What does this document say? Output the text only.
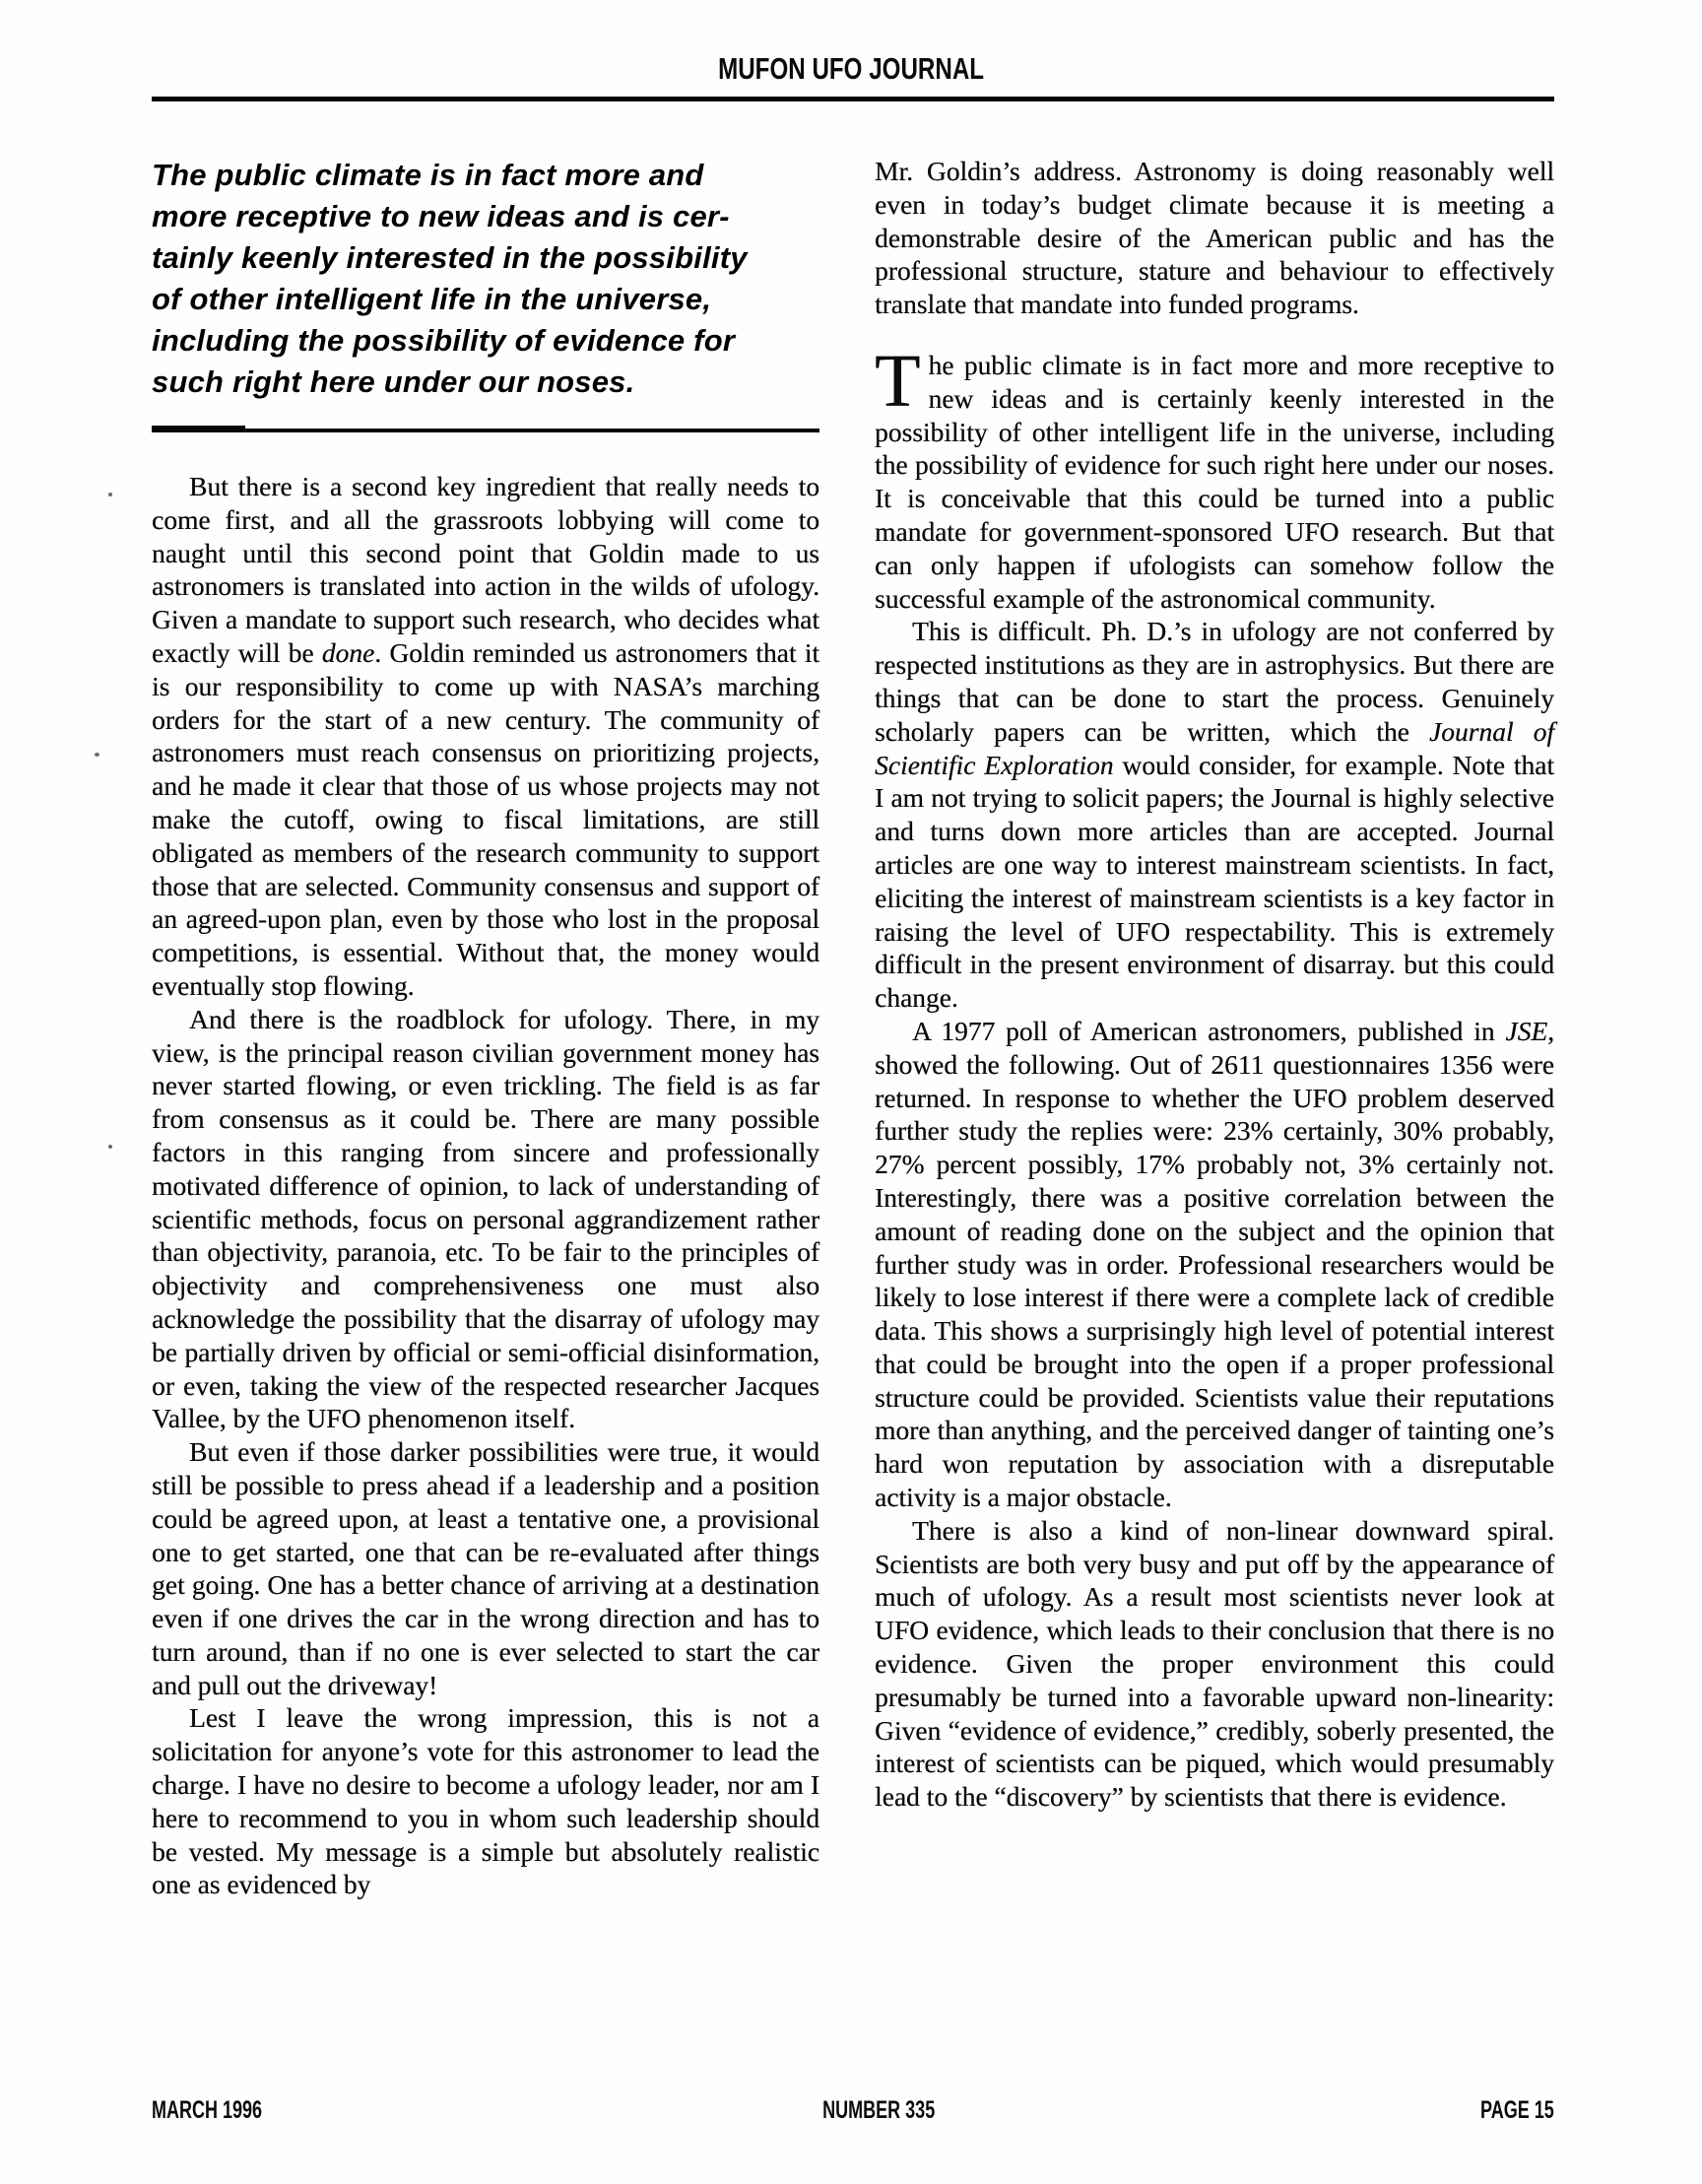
MUFON UFO JOURNAL
The public climate is in fact more and
more receptive to new ideas and is cer-
tainly keenly interested in the possibility
of other intelligent life in the universe,
including the possibility of evidence for
such right here under our noses.

But there is a second key ingredient that really needs to come first, and all the grassroots lobbying will come to naught until this second point that Goldin made to us astronomers is translated into action in the wilds of ufology. Given a mandate to support such research, who decides what exactly will be done. Goldin reminded us astronomers that it is our responsibility to come up with NASA’s marching orders for the start of a new century. The community of astronomers must reach consensus on prioritizing projects, and he made it clear that those of us whose projects may not make the cutoff, owing to fiscal limitations, are still obligated as members of the research community to support those that are selected. Community consensus and support of an agreed-upon plan, even by those who lost in the proposal competitions, is essential. Without that, the money would eventually stop flowing.

And there is the roadblock for ufology. There, in my view, is the principal reason civilian government money has never started flowing, or even trickling. The field is as far from consensus as it could be. There are many possible factors in this ranging from sincere and professionally motivated difference of opinion, to lack of understanding of scientific methods, focus on personal aggrandizement rather than objectivity, paranoia, etc. To be fair to the principles of objectivity and comprehensiveness one must also acknowledge the possibility that the disarray of ufology may be partially driven by official or semi-official disinformation, or even, taking the view of the respected researcher Jacques Vallee, by the UFO phenomenon itself.

But even if those darker possibilities were true, it would still be possible to press ahead if a leadership and a position could be agreed upon, at least a tentative one, a provisional one to get started, one that can be re-evaluated after things get going. One has a better chance of arriving at a destination even if one drives the car in the wrong direction and has to turn around, than if no one is ever selected to start the car and pull out the driveway!

Lest I leave the wrong impression, this is not a solicitation for anyone’s vote for this astronomer to lead the charge. I have no desire to become a ufology leader, nor am I here to recommend to you in whom such leadership should be vested. My message is a simple but absolutely realistic one as evidenced by

Mr. Goldin’s address. Astronomy is doing reasonably well even in today’s budget climate because it is meeting a demonstrable desire of the American public and has the professional structure, stature and behaviour to effectively translate that mandate into funded programs.

The public climate is in fact more and more receptive to new ideas and is certainly keenly interested in the possibility of other intelligent life in the universe, including the possibility of evidence for such right here under our noses. It is conceivable that this could be turned into a public mandate for government-sponsored UFO research. But that can only happen if ufologists can somehow follow the successful example of the astronomical community.

This is difficult. Ph. D.’s in ufology are not conferred by respected institutions as they are in astrophysics. But there are things that can be done to start the process. Genuinely scholarly papers can be written, which the Journal of Scientific Exploration would consider, for example. Note that I am not trying to solicit papers; the Journal is highly selective and turns down more articles than are accepted. Journal articles are one way to interest mainstream scientists. In fact, eliciting the interest of mainstream scientists is a key factor in raising the level of UFO respectability. This is extremely difficult in the present environment of disarray. but this could change.

A 1977 poll of American astronomers, published in JSE, showed the following. Out of 2611 questionnaires 1356 were returned. In response to whether the UFO problem deserved further study the replies were: 23% certainly, 30% probably, 27% percent possibly, 17% probably not, 3% certainly not. Interestingly, there was a positive correlation between the amount of reading done on the subject and the opinion that further study was in order. Professional researchers would be likely to lose interest if there were a complete lack of credible data. This shows a surprisingly high level of potential interest that could be brought into the open if a proper professional structure could be provided. Scientists value their reputations more than anything, and the perceived danger of tainting one’s hard won reputation by association with a disreputable activity is a major obstacle.

There is also a kind of non-linear downward spiral. Scientists are both very busy and put off by the appearance of much of ufology. As a result most scientists never look at UFO evidence, which leads to their conclusion that there is no evidence. Given the proper environment this could presumably be turned into a favorable upward non-linearity: Given “evidence of evidence,” credibly, soberly presented, the interest of scientists can be piqued, which would presumably lead to the “discovery” by scientists that there is evidence.

MARCH 1996	NUMBER 335	PAGE 15
